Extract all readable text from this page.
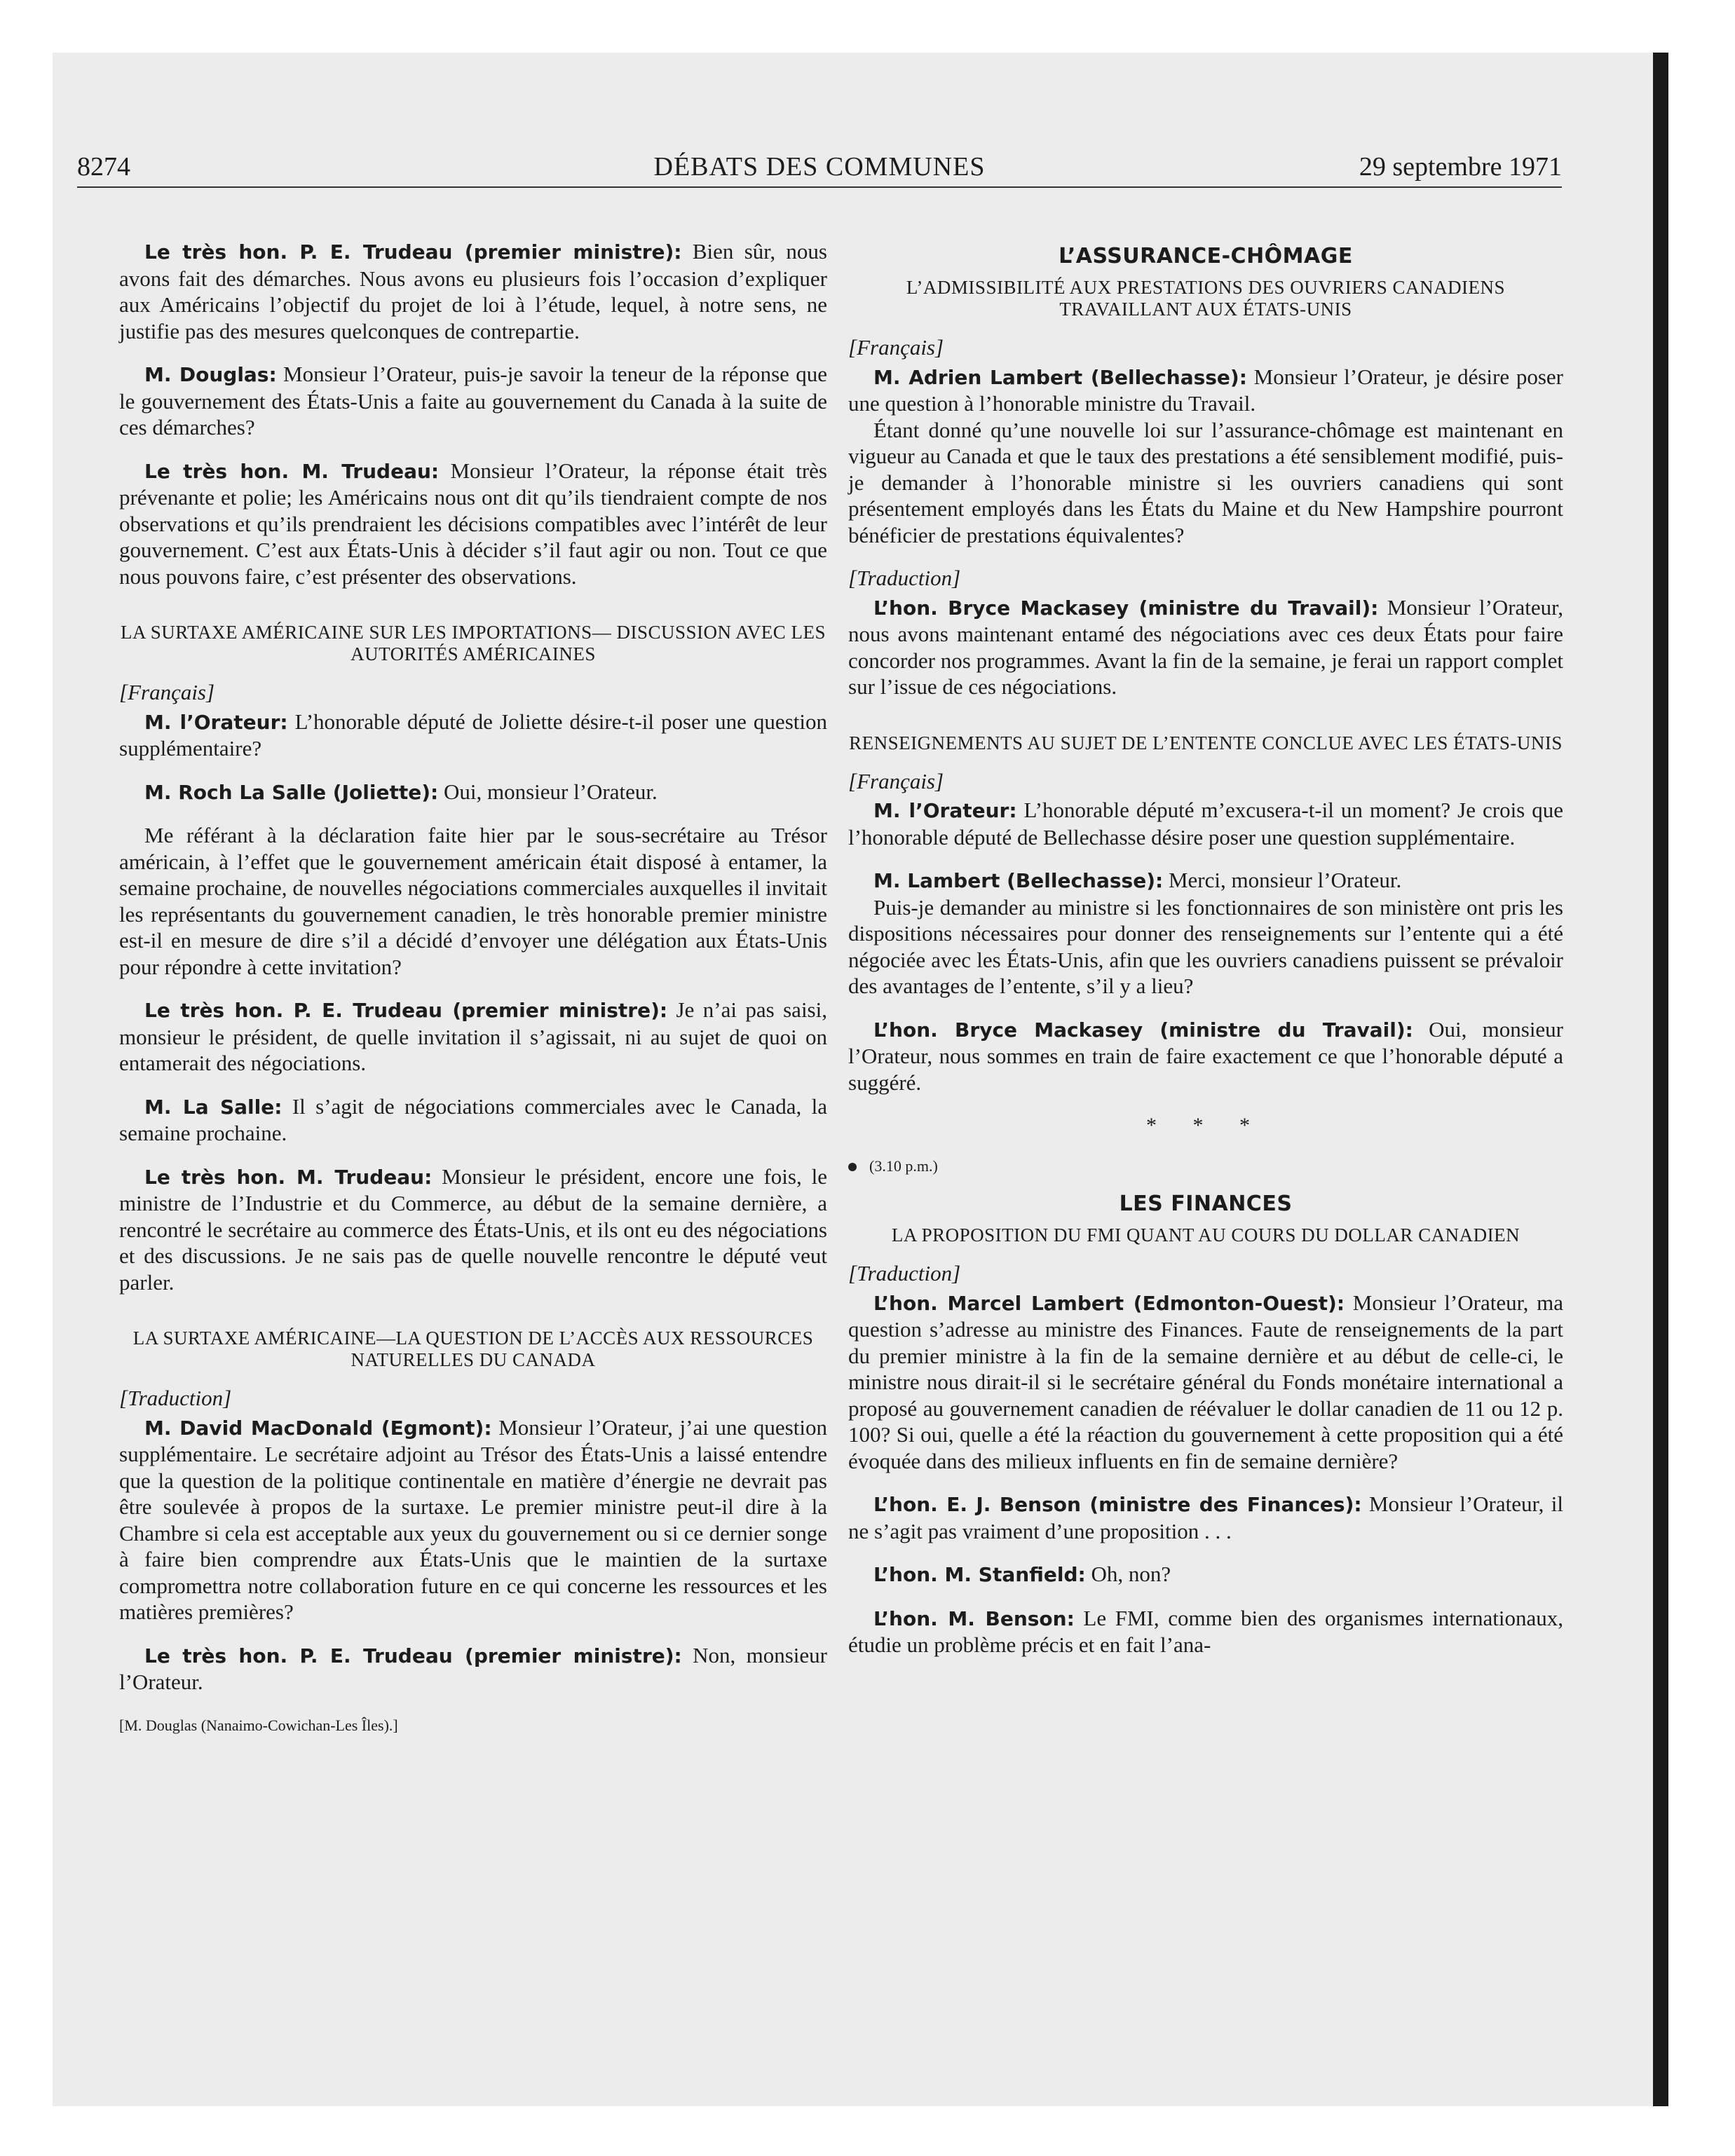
8274	DÉBATS DES COMMUNES	29 septembre 1971

Le très hon. P. E. Trudeau (premier ministre): Bien sûr, nous avons fait des démarches. Nous avons eu plusieurs fois l’occasion d’expliquer aux Américains l’objectif du projet de loi à l’étude, lequel, à notre sens, ne justifie pas des mesures quelconques de contrepartie.

M. Douglas: Monsieur l’Orateur, puis-je savoir la teneur de la réponse que le gouvernement des États-Unis a faite au gouvernement du Canada à la suite de ces démarches?

Le très hon. M. Trudeau: Monsieur l’Orateur, la réponse était très prévenante et polie; les Américains nous ont dit qu’ils tiendraient compte de nos observations et qu’ils prendraient les décisions compatibles avec l’intérêt de leur gouvernement. C’est aux États-Unis à décider s’il faut agir ou non. Tout ce que nous pouvons faire, c’est présenter des observations.

LA SURTAXE AMÉRICAINE SUR LES IMPORTATIONS— DISCUSSION AVEC LES AUTORITÉS AMÉRICAINES
[Français]

M. l’Orateur: L’honorable député de Joliette désire-t-il poser une question supplémentaire?

M. Roch La Salle (Joliette): Oui, monsieur l’Orateur.

Me référant à la déclaration faite hier par le sous-secrétaire au Trésor américain, à l’effet que le gouvernement américain était disposé à entamer, la semaine prochaine, de nouvelles négociations commerciales auxquelles il invitait les représentants du gouvernement canadien, le très honorable premier ministre est-il en mesure de dire s’il a décidé d’envoyer une délégation aux États-Unis pour répondre à cette invitation?

Le très hon. P. E. Trudeau (premier ministre): Je n’ai pas saisi, monsieur le président, de quelle invitation il s’agissait, ni au sujet de quoi on entamerait des négociations.

M. La Salle: Il s’agit de négociations commerciales avec le Canada, la semaine prochaine.

Le très hon. M. Trudeau: Monsieur le président, encore une fois, le ministre de l’Industrie et du Commerce, au début de la semaine dernière, a rencontré le secrétaire au commerce des États-Unis, et ils ont eu des négociations et des discussions. Je ne sais pas de quelle nouvelle rencontre le député veut parler.

LA SURTAXE AMÉRICAINE—LA QUESTION DE L’ACCÈS AUX RESSOURCES NATURELLES DU CANADA
[Traduction]

M. David MacDonald (Egmont): Monsieur l’Orateur, j’ai une question supplémentaire. Le secrétaire adjoint au Trésor des États-Unis a laissé entendre que la question de la politique continentale en matière d’énergie ne devrait pas être soulevée à propos de la surtaxe. Le premier ministre peut-il dire à la Chambre si cela est acceptable aux yeux du gouvernement ou si ce dernier songe à faire bien comprendre aux États-Unis que le maintien de la surtaxe compromettra notre collaboration future en ce qui concerne les ressources et les matières premières?

Le très hon. P. E. Trudeau (premier ministre): Non, monsieur l’Orateur.

[M. Douglas (Nanaimo-Cowichan-Les Îles).]
L’ASSURANCE-CHÔMAGE
L’ADMISSIBILITÉ AUX PRESTATIONS DES OUVRIERS CANADIENS TRAVAILLANT AUX ÉTATS-UNIS
[Français]

M. Adrien Lambert (Bellechasse): Monsieur l’Orateur, je désire poser une question à l’honorable ministre du Travail.

Étant donné qu’une nouvelle loi sur l’assurance-chômage est maintenant en vigueur au Canada et que le taux des prestations a été sensiblement modifié, puis-je demander à l’honorable ministre si les ouvriers canadiens qui sont présentement employés dans les États du Maine et du New Hampshire pourront bénéficier de prestations équivalentes?

[Traduction]

L’hon. Bryce Mackasey (ministre du Travail): Monsieur l’Orateur, nous avons maintenant entamé des négociations avec ces deux États pour faire concorder nos programmes. Avant la fin de la semaine, je ferai un rapport complet sur l’issue de ces négociations.

RENSEIGNEMENTS AU SUJET DE L’ENTENTE CONCLUE AVEC LES ÉTATS-UNIS
[Français]

M. l’Orateur: L’honorable député m’excusera-t-il un moment? Je crois que l’honorable député de Bellechasse désire poser une question supplémentaire.

M. Lambert (Bellechasse): Merci, monsieur l’Orateur.

Puis-je demander au ministre si les fonctionnaires de son ministère ont pris les dispositions nécessaires pour donner des renseignements sur l’entente qui a été négociée avec les États-Unis, afin que les ouvriers canadiens puissent se prévaloir des avantages de l’entente, s’il y a lieu?

L’hon. Bryce Mackasey (ministre du Travail): Oui, monsieur l’Orateur, nous sommes en train de faire exactement ce que l’honorable député a suggéré.

* * *
(3.10 p.m.)
LES FINANCES
LA PROPOSITION DU FMI QUANT AU COURS DU DOLLAR CANADIEN
[Traduction]

L’hon. Marcel Lambert (Edmonton-Ouest): Monsieur l’Orateur, ma question s’adresse au ministre des Finances. Faute de renseignements de la part du premier ministre à la fin de la semaine dernière et au début de celle-ci, le ministre nous dirait-il si le secrétaire général du Fonds monétaire international a proposé au gouvernement canadien de réévaluer le dollar canadien de 11 ou 12 p. 100? Si oui, quelle a été la réaction du gouvernement à cette proposition qui a été évoquée dans des milieux influents en fin de semaine dernière?

L’hon. E. J. Benson (ministre des Finances): Monsieur l’Orateur, il ne s’agit pas vraiment d’une proposition . . .

L’hon. M. Stanfield: Oh, non?

L’hon. M. Benson: Le FMI, comme bien des organismes internationaux, étudie un problème précis et en fait l’ana-
